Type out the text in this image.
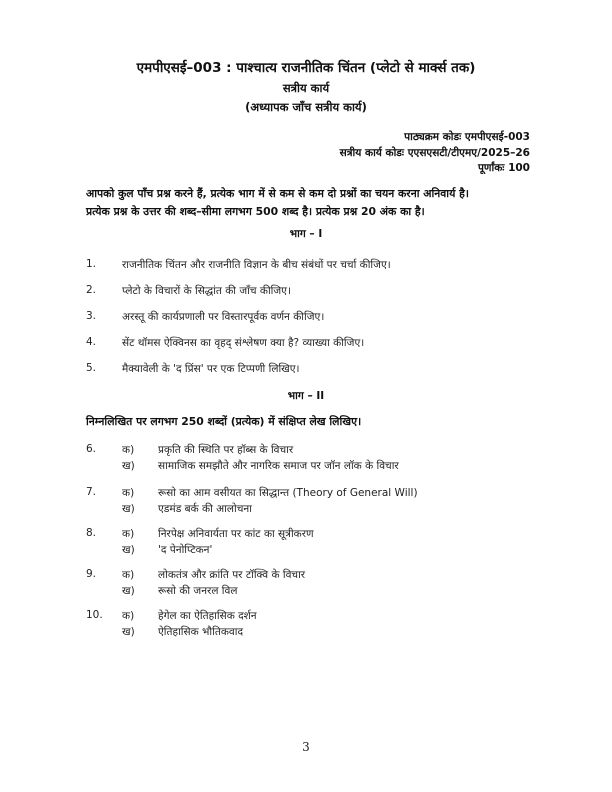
एमपीएसई–003 : पाश्चात्य राजनीतिक चिंतन (प्लेटो से मार्क्स तक)
सत्रीय कार्य
(अध्यापक जाँच सत्रीय कार्य)
पाठ्यक्रम कोडः एमपीएसई-003
सत्रीय कार्य कोडः एएसएसटी/टीएमए/2025–26
पूर्णांकः 100
आपको कुल पाँच प्रश्न करने हैं, प्रत्येक भाग में से कम से कम दो प्रश्नों का चयन करना अनिवार्य है।
प्रत्येक प्रश्न के उत्तर की शब्द–सीमा लगभग 500 शब्द है। प्रत्येक प्रश्न 20 अंक का है।
भाग – I
1. राजनीतिक चिंतन और राजनीति विज्ञान के बीच संबंधों पर चर्चा कीजिए।
2. प्लेटो के विचारों के सिद्धांत की जाँच कीजिए।
3. अरस्तू की कार्यप्रणाली पर विस्तारपूर्वक वर्णन कीजिए।
4. सेंट थॉमस ऐक्विनस का वृहद् संश्लेषण क्या है? व्याख्या कीजिए।
5. मैक्यावेली के 'द प्रिंस' पर एक टिप्पणी लिखिए।
भाग – II
निम्नलिखित पर लगभग 250 शब्दों (प्रत्येक) में संक्षिप्त लेख लिखिए।
6. क) प्रकृति की स्थिति पर हॉब्स के विचार
ख) सामाजिक समझौते और नागरिक समाज पर जॉन लॉक के विचार
7. क) रूसो का आम वसीयत का सिद्धान्त (Theory of General Will)
ख) एडमंड बर्क की आलोचना
8. क) निरपेक्ष अनिवार्यता पर कांट का सूत्रीकरण
ख) 'द पेनोप्टिकन'
9. क) लोकतंत्र और क्रांति पर टॉक्वि के विचार
ख) रूसो की जनरल विल
10. क) हेगेल का ऐतिहासिक दर्शन
ख) ऐतिहासिक भौतिकवाद
3
